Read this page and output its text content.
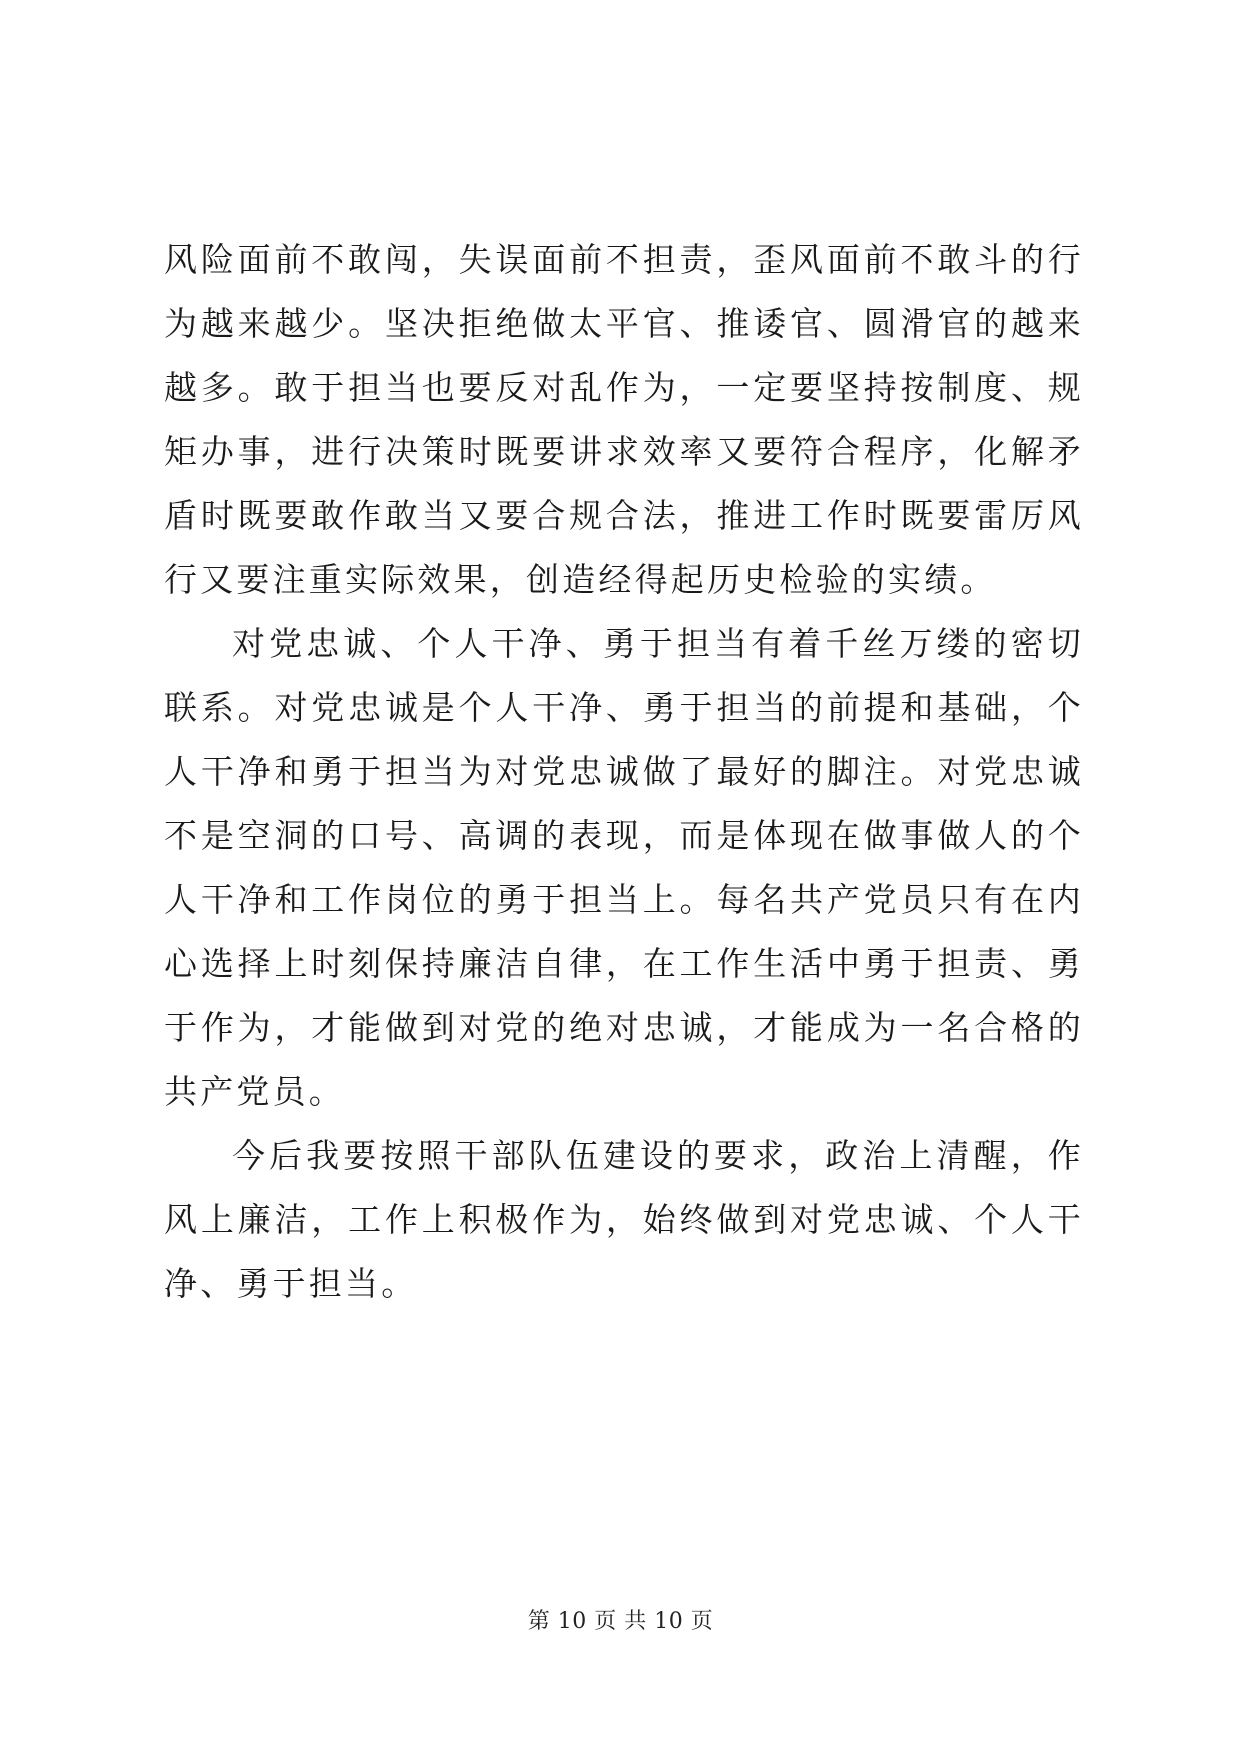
风险面前不敢闯，失误面前不担责，歪风面前不敢斗的行为越来越少。坚决拒绝做太平官、推诿官、圆滑官的越来越多。敢于担当也要反对乱作为，一定要坚持按制度、规矩办事，进行决策时既要讲求效率又要符合程序，化解矛盾时既要敢作敢当又要合规合法，推进工作时既要雷厉风行又要注重实际效果，创造经得起历史检验的实绩。

对党忠诚、个人干净、勇于担当有着千丝万缕的密切联系。对党忠诚是个人干净、勇于担当的前提和基础，个人干净和勇于担当为对党忠诚做了最好的脚注。对党忠诚不是空洞的口号、高调的表现，而是体现在做事做人的个人干净和工作岗位的勇于担当上。每名共产党员只有在内心选择上时刻保持廉洁自律，在工作生活中勇于担责、勇于作为，才能做到对党的绝对忠诚，才能成为一名合格的共产党员。

今后我要按照干部队伍建设的要求，政治上清醒，作风上廉洁，工作上积极作为，始终做到对党忠诚、个人干净、勇于担当。

第 10 页 共 10 页
